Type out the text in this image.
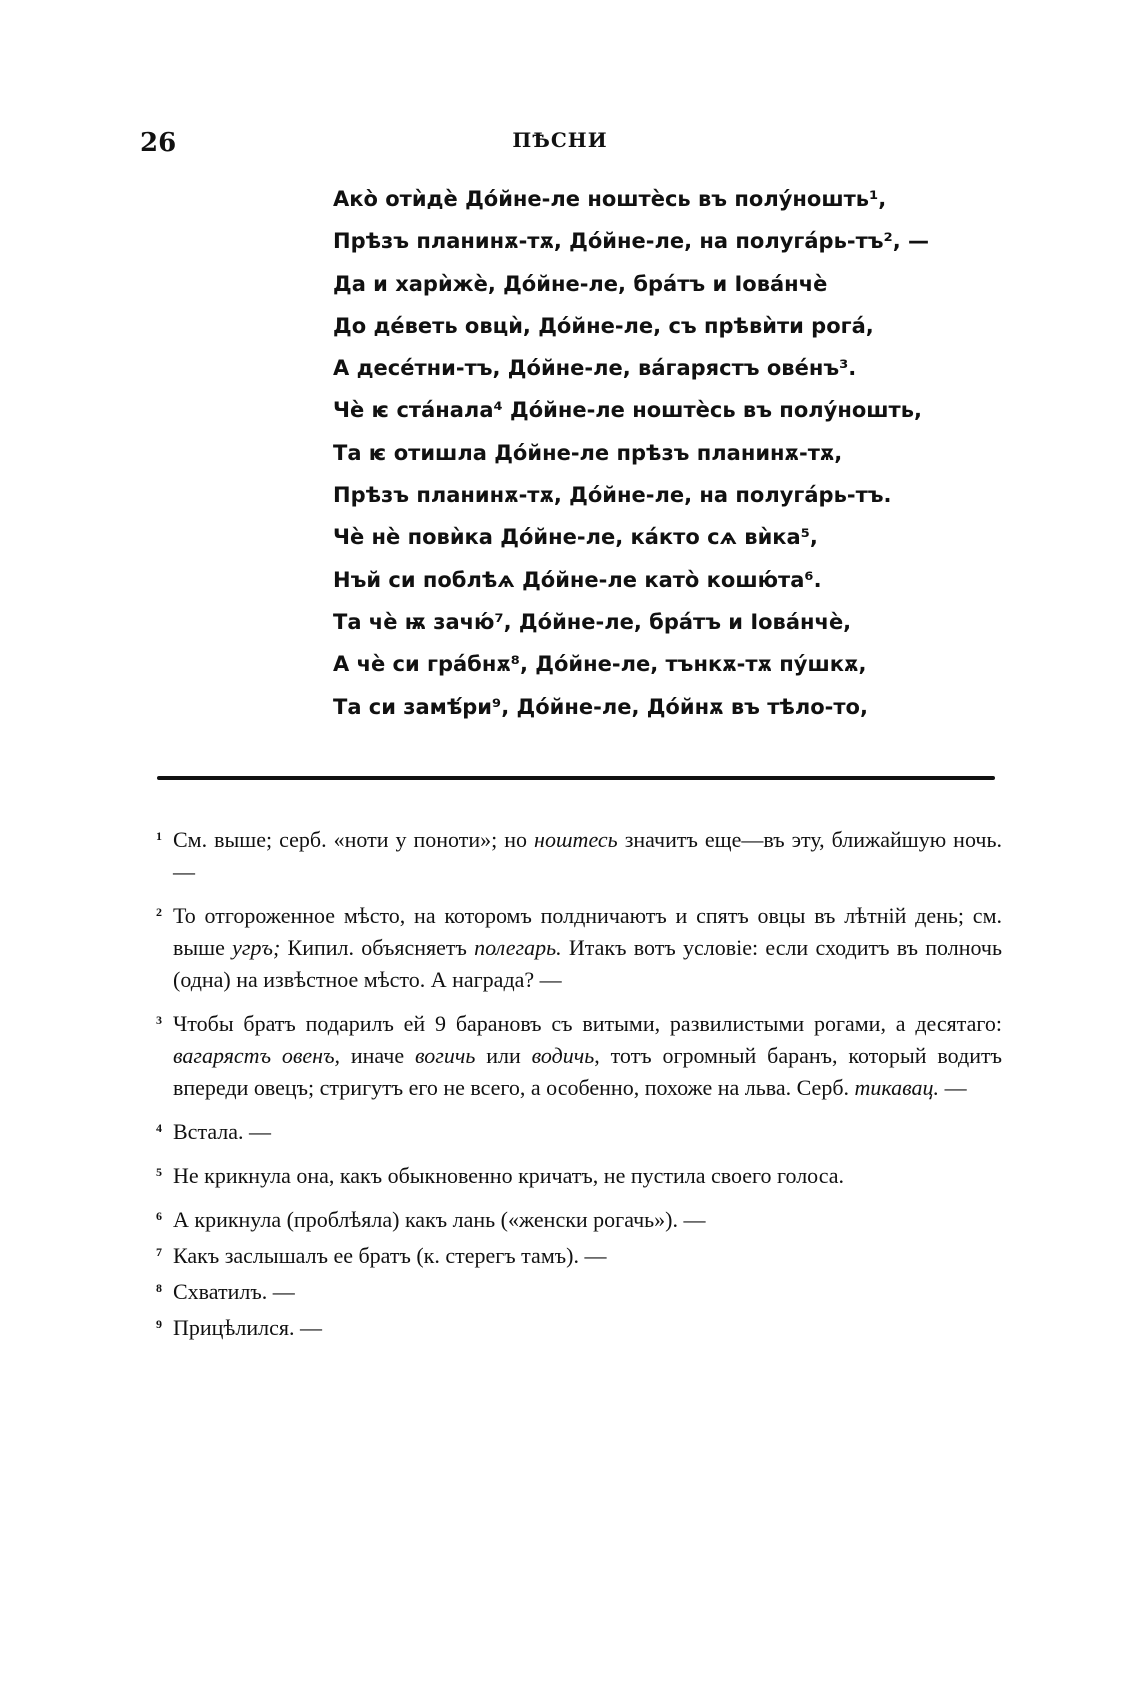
26	ПѢСНИ
Ако̀ отѝдѐ До́йне-ле ноштѐсь въ полу́ношть¹,
Прѣзъ планинѫ-тѫ, До́йне-ле, на полугáрь-тъ², —
Да и харѝжѐ, До́йне-ле, брáтъ и Іова́нчѐ
До дéветь овцѝ, До́йне-ле, съ прѣвѝти рогá,
А десéтни-тъ, До́йне-ле, вáгарястъ овéнъ³.
Чѐ ѥ стáнала⁴ До́йне-ле ноштѐсь въ полу́ношть,
Та ѥ отишла До́йне-ле прѣзъ планинѫ-тѫ,
Прѣзъ планинѫ-тѫ, До́йне-ле, на полугáрь-тъ.
Чѐ нѐ повѝка До́йне-ле, кáкто сѧ вѝка⁵,
Нъй си поблѣѧ До́йне-ле катò кошю́та⁶.
Та чѐ ѭ зачю́⁷, До́йне-ле, брáтъ и Іова́нчѐ,
А чѐ си грáбнѫ⁸, До́йне-ле, тънкѫ-тѫ пу́шкѫ,
Та си замѣ́ри⁹, До́йне-ле, До́йнѫ въ тѣло-то,
1 См. выше; серб. «ноти у поноти»; но ноштесь значитъ еще—въ эту, ближайшую ночь. —
2 То отгороженное мѣсто, на которомъ полдничаютъ и спятъ овцы въ лѣтній день; см. выше угръ; Кипил. объясняетъ полегарь. Итакъ вотъ условіе: если сходитъ въ полночь (одна) на извѣстное мѣсто. А награда? —
3 Чтобы братъ подарилъ ей 9 барановъ съ витыми, развилистыми рогами, а десятаго: вагарястъ овенъ, иначе вогичь или водичь, тотъ огромный баранъ, который водитъ впереди овецъ; стригутъ его не всего, а особенно, похоже на льва. Серб. тикавац. —
4 Встала. —
5 Не крикнула она, какъ обыкновенно кричатъ, не пустила своего голоса.
6 А крикнула (проблѣяла) какъ лань («женски рогачь»). —
7 Какъ заслышалъ ее братъ (к. стерегъ тамъ). —
8 Схватилъ. —
9 Прицѣлился. —
